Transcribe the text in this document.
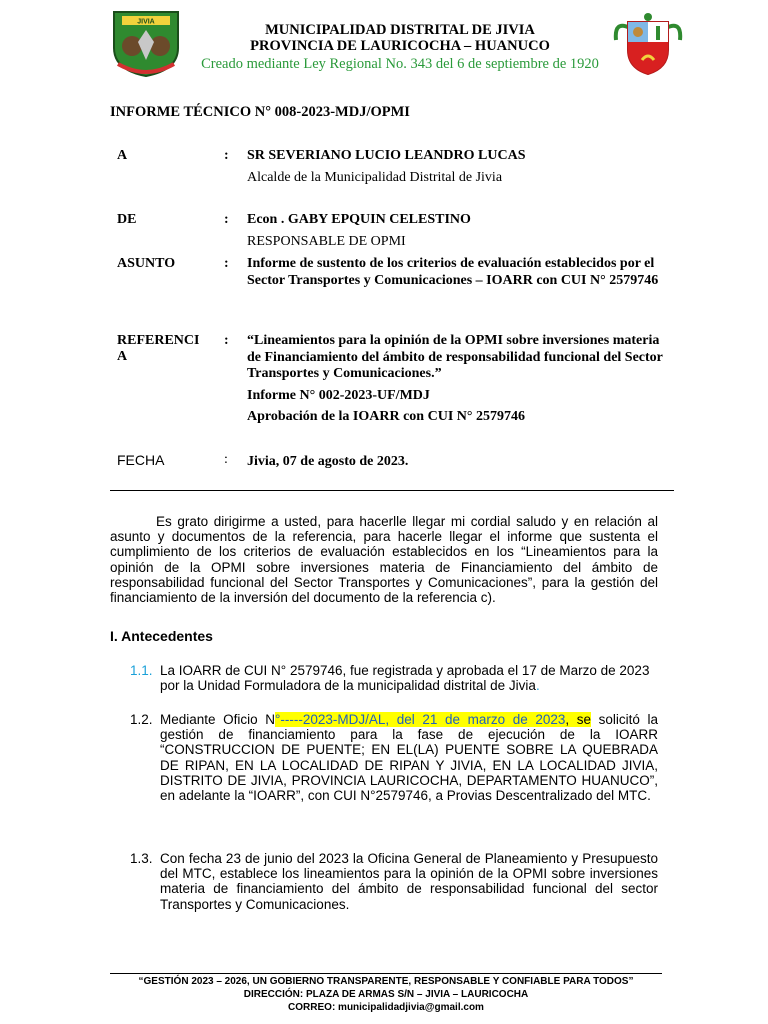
JIVIA	MUNICIPALIDAD DISTRITAL DE JIVIA
PROVINCIA DE LAURICOCHA – HUANUCO
Creado mediante Ley Regional No. 343 del 6 de septiembre de 1920
INFORME TÉCNICO N° 008-2023-MDJ/OPMI
A	: SR SEVERIANO LUCIO LEANDRO LUCAS
Alcalde de la Municipalidad Distrital de Jivia
DE	: Econ . GABY EPQUIN CELESTINO
RESPONSABLE DE OPMI
ASUNTO	: Informe de sustento de los criterios de evaluación establecidos por el Sector Transportes y Comunicaciones – IOARR con CUI N° 2579746
REFERENCI
A
: “Lineamientos para la opinión de la OPMI sobre inversiones materia de Financiamiento del ámbito de responsabilidad funcional del Sector Transportes y Comunicaciones.”
Informe N° 002-2023-UF/MDJ
Aprobación de la IOARR con CUI N° 2579746
FECHA	: Jivia, 07 de agosto de 2023.
Es grato dirigirme a usted, para hacerlle llegar mi cordial saludo y en relación al asunto y documentos de la referencia, para hacerle llegar el informe que sustenta el cumplimiento de los criterios de evaluación establecidos en los “Lineamientos para la opinión de la OPMI sobre inversiones materia de Financiamiento del ámbito de responsabilidad funcional del Sector Transportes y Comunicaciones”, para la gestión del financiamiento de la inversión del documento de la referencia c).
I. Antecedentes
1.1. La IOARR de CUI N° 2579746, fue registrada y aprobada el 17 de Marzo de 2023 por la Unidad Formuladora de la municipalidad distrital de Jivia.
1.2. Mediante Oficio N°-----2023-MDJ/AL, del 21 de marzo de 2023, se solicitó la gestión de financiamiento para la fase de ejecución de la IOARR “CONSTRUCCION DE PUENTE; EN EL(LA) PUENTE SOBRE LA QUEBRADA DE RIPAN, EN LA LOCALIDAD DE RIPAN Y JIVIA, EN LA LOCALIDAD JIVIA, DISTRITO DE JIVIA, PROVINCIA LAURICOCHA, DEPARTAMENTO HUANUCO”, en adelante la “IOARR”, con CUI N°2579746, a Provias Descentralizado del MTC.
1.3. Con fecha 23 de junio del 2023 la Oficina General de Planeamiento y Presupuesto del MTC, establece los lineamientos para la opinión de la OPMI sobre inversiones materia de financiamiento del ámbito de responsabilidad funcional del sector Transportes y Comunicaciones.
“GESTIÓN 2023 – 2026, UN GOBIERNO TRANSPARENTE, RESPONSABLE Y CONFIABLE PARA TODOS”
DIRECCIÓN: PLAZA DE ARMAS S/N – JIVIA – LAURICOCHA
CORREO: municipalidadjivia@gmail.com
